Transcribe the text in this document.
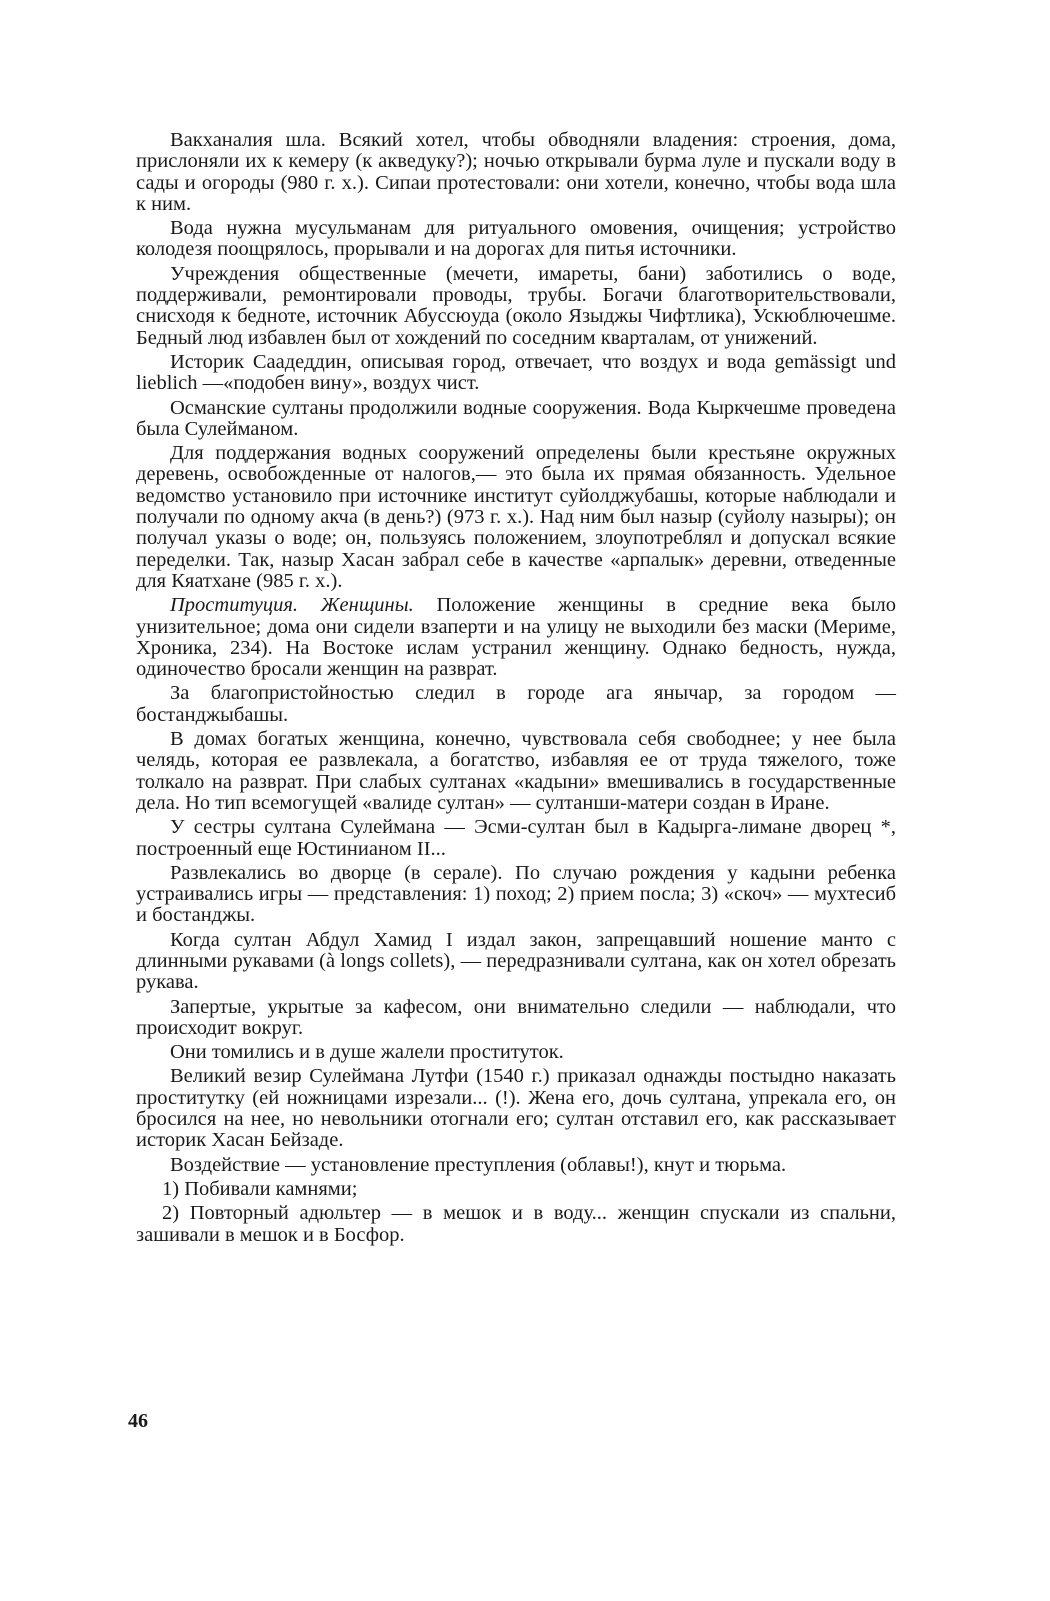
Вакханалия шла. Всякий хотел, чтобы обводняли владения: строения, дома, прислоняли их к кемеру (к акведуку?); ночью открывали бурма луле и пускали воду в сады и огороды (980 г. х.). Сипаи протестовали: они хотели, конечно, чтобы вода шла к ним.

Вода нужна мусульманам для ритуального омовения, очищения; устройство колодезя поощрялось, прорывали и на дорогах для питья источники.

Учреждения общественные (мечети, имареты, бани) заботились о воде, поддерживали, ремонтировали проводы, трубы. Богачи благотворительствовали, снисходя к бедноте, источник Абуссюуда (около Языджы Чифтлика), Ускюблючешме. Бедный люд избавлен был от хождений по соседним кварталам, от унижений.

Историк Саадеддин, описывая город, отвечает, что воздух и вода gemässigt und lieblich —«подобен вину», воздух чист.

Османские султаны продолжили водные сооружения. Вода Кыркчешме проведена была Сулейманом.

Для поддержания водных сооружений определены были крестьяне окружных деревень, освобожденные от налогов,— это была их прямая обязанность. Удельное ведомство установило при источнике институт суйолджубашы, которые наблюдали и получали по одному акча (в день?) (973 г. х.). Над ним был назыр (суйолу назыры); он получал указы о воде; он, пользуясь положением, злоупотреблял и допускал всякие переделки. Так, назыр Хасан забрал себе в качестве «арпалык» деревни, отведенные для Кяатхане (985 г. х.).

Проституция. Женщины. Положение женщины в средние века было унизительное; дома они сидели взаперти и на улицу не выходили без маски (Мериме, Хроника, 234). На Востоке ислам устранил женщину. Однако бедность, нужда, одиночество бросали женщин на разврат.

За благопристойностью следил в городе ага янычар, за городом — бостанджыбашы.

В домах богатых женщина, конечно, чувствовала себя свободнее; у нее была челядь, которая ее развлекала, а богатство, избавляя ее от труда тяжелого, тоже толкало на разврат. При слабых султанах «кадыни» вмешивались в государственные дела. Но тип всемогущей «валиде султан» — султанши-матери создан в Иране.

У сестры султана Сулеймана — Эсми-султан был в Кадырга-лимане дворец *, построенный еще Юстинианом II...

Развлекались во дворце (в серале). По случаю рождения у кадыни ребенка устраивались игры — представления: 1) поход; 2) прием посла; 3) «скоч» — мухтесиб и бостанджы.

Когда султан Абдул Хамид I издал закон, запрещавший ношение манто с длинными рукавами (à longs collets), — передразнивали султана, как он хотел обрезать рукава.

Запертые, укрытые за кафесом, они внимательно следили — наблюдали, что происходит вокруг.

Они томились и в душе жалели проституток.

Великий везир Сулеймана Лутфи (1540 г.) приказал однажды постыдно наказать проститутку (ей ножницами изрезали... (!). Жена его, дочь султана, упрекала его, он бросился на нее, но невольники отогнали его; султан отставил его, как рассказывает историк Хасан Бейзаде.

Воздействие — установление преступления (облавы!), кнут и тюрьма.

1) Побивали камнями;

2) Повторный адюльтер — в мешок и в воду... женщин спускали из спальни, зашивали в мешок и в Босфор.

46
